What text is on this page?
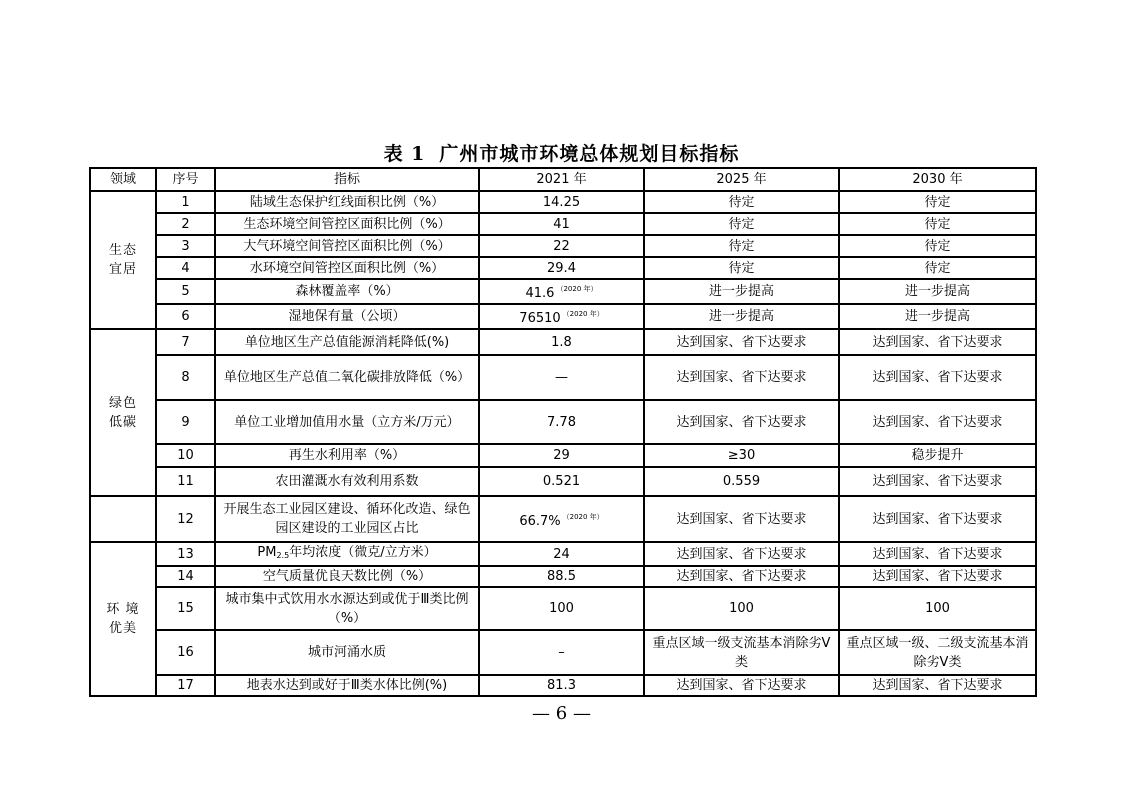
表 1 广州市城市环境总体规划目标指标
领域	序号	指标	2021 年	2025 年	2030 年

生态
宜居	1	陆域生态保护红线面积比例（%）	14.25	待定	待定
	2	生态环境空间管控区面积比例（%）	41	待定	待定
	3	大气环境空间管控区面积比例（%）	22	待定	待定
	4	水环境空间管控区面积比例（%）	29.4	待定	待定
	5	森林覆盖率（%）	41.6 $^{(2020 年)}$	进一步提高	进一步提高
	6	湿地保有量（公顷）	76510 $^{(2020 年)}$	进一步提高	进一步提高

绿色
低碳	7	单位地区生产总值能源消耗降低(%)	1.8	达到国家、省下达要求	达到国家、省下达要求
	8	单位地区生产总值二氧化碳排放降低（%）	—	达到国家、省下达要求	达到国家、省下达要求
	9	单位工业增加值用水量（立方米/万元）	7.78	达到国家、省下达要求	达到国家、省下达要求
	10	再生水利用率（%）	29	≥30	稳步提升
	11	农田灌溉水有效利用系数	0.521	0.559	达到国家、省下达要求
	12	开展生态工业园区建设、循环化改造、绿色园区建设的工业园区占比	66.7% $^{(2020 年)}$	达到国家、省下达要求	达到国家、省下达要求

环 境
优美	13	$PM_{2.5}$年均浓度（微克/立方米）	24	达到国家、省下达要求	达到国家、省下达要求
	14	空气质量优良天数比例（%）	88.5	达到国家、省下达要求	达到国家、省下达要求
	15	城市集中式饮用水水源达到或优于Ⅲ类比例（%）	100	100	100
	16	城市河涌水质	–	重点区域一级支流基本消除劣Ⅴ类	重点区域一级、二级支流基本消除劣Ⅴ类
	17	地表水达到或好于Ⅲ类水体比例(%)	81.3	达到国家、省下达要求	达到国家、省下达要求
— 6 —
